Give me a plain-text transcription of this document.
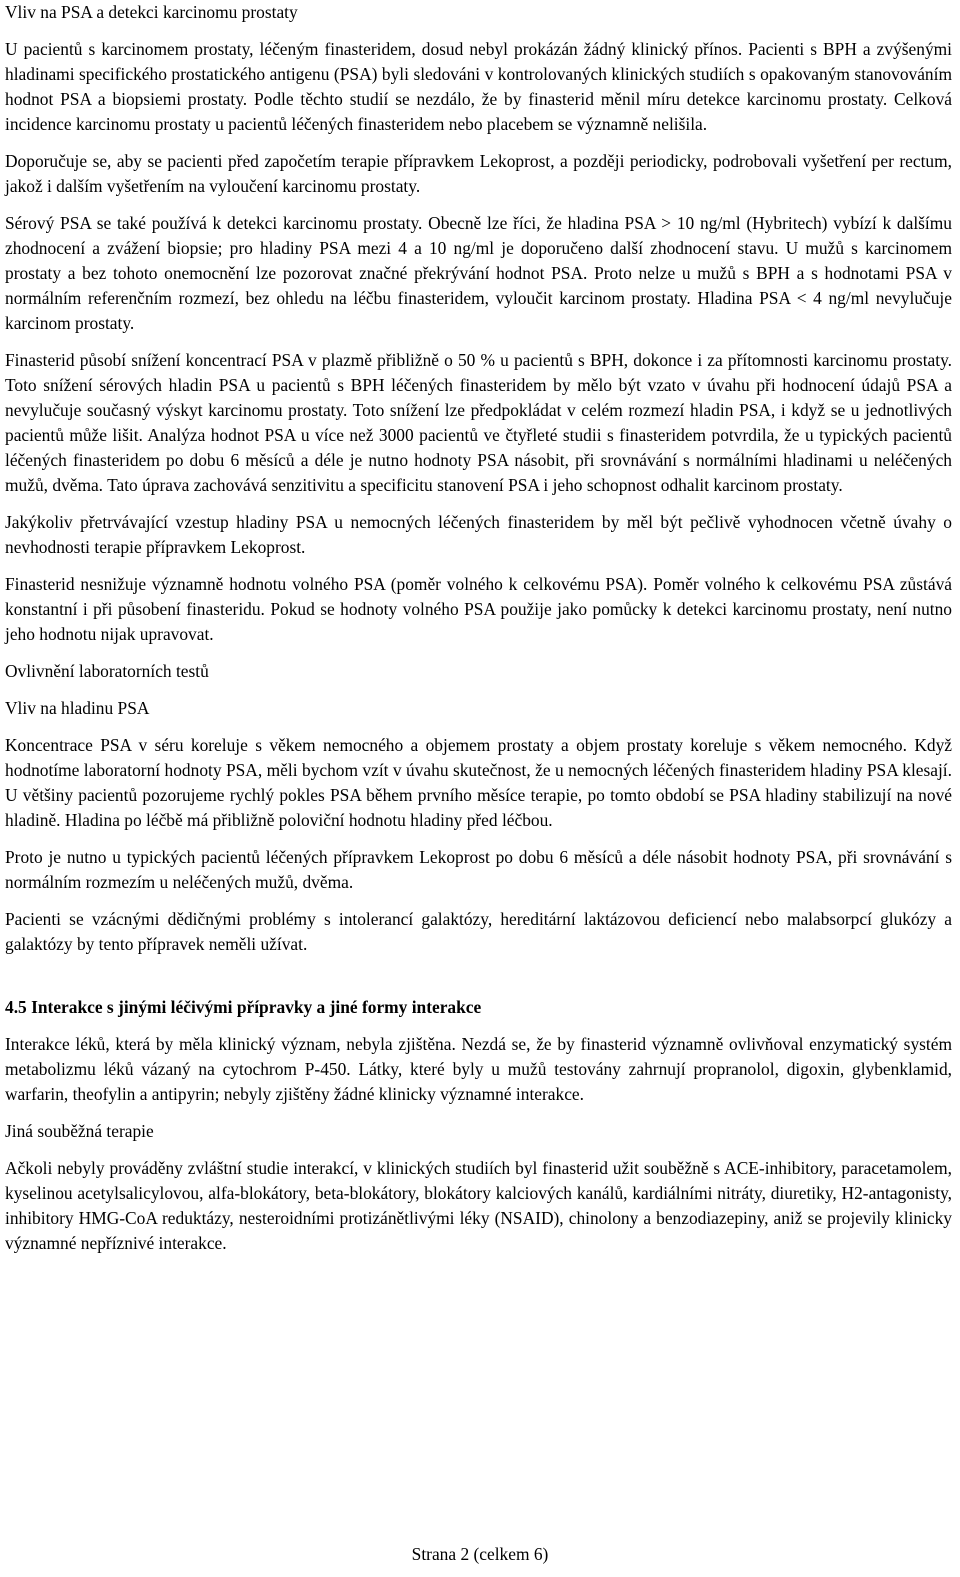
Vliv na PSA a detekci karcinomu prostaty
U pacientů s karcinomem prostaty, léčeným finasteridem, dosud nebyl prokázán žádný klinický přínos. Pacienti s BPH a zvýšenými hladinami specifického prostatického antigenu (PSA) byli sledováni v kontrolovaných klinických studiích s opakovaným stanovováním hodnot PSA a biopsiemi prostaty. Podle těchto studií se nezdálo, že by finasterid měnil míru detekce karcinomu prostaty. Celková incidence karcinomu prostaty u pacientů léčených finasteridem nebo placebem se významně nelišila.
Doporučuje se, aby se pacienti před započetím terapie přípravkem Lekoprost, a později periodicky, podrobovali vyšetření per rectum, jakož i dalším vyšetřením na vyloučení karcinomu prostaty.
Sérový PSA se také používá k detekci karcinomu prostaty. Obecně lze říci, že hladina PSA > 10 ng/ml (Hybritech) vybízí k dalšímu zhodnocení a zvážení biopsie; pro hladiny PSA mezi 4 a 10 ng/ml je doporučeno další zhodnocení stavu. U mužů s karcinomem prostaty a bez tohoto onemocnění lze pozorovat značné překrývání hodnot PSA. Proto nelze u mužů s BPH a s hodnotami PSA v normálním referenčním rozmezí, bez ohledu na léčbu finasteridem, vyloučit karcinom prostaty. Hladina PSA < 4 ng/ml nevylučuje karcinom prostaty.
Finasterid působí snížení koncentrací PSA v plazmě přibližně o 50 % u pacientů s BPH, dokonce i za přítomnosti karcinomu prostaty. Toto snížení sérových hladin PSA u pacientů s BPH léčených finasteridem by mělo být vzato v úvahu při hodnocení údajů PSA a nevylučuje současný výskyt karcinomu prostaty. Toto snížení lze předpokládat v celém rozmezí hladin PSA, i když se u jednotlivých pacientů může lišit. Analýza hodnot PSA u více než 3000 pacientů ve čtyřleté studii s finasteridem potvrdila, že u typických pacientů léčených finasteridem po dobu 6 měsíců a déle je nutno hodnoty PSA násobit, při srovnávání s normálními hladinami u neléčených mužů, dvěma. Tato úprava zachovává senzitivitu a specificitu stanovení PSA i jeho schopnost odhalit karcinom prostaty.
Jakýkoliv přetrvávající vzestup hladiny PSA u nemocných léčených finasteridem by měl být pečlivě vyhodnocen včetně úvahy o nevhodnosti terapie přípravkem Lekoprost.
Finasterid nesnižuje významně hodnotu volného PSA (poměr volného k celkovému PSA). Poměr volného k celkovému PSA zůstává konstantní i při působení finasteridu. Pokud se hodnoty volného PSA použije jako pomůcky k detekci karcinomu prostaty, není nutno jeho hodnotu nijak upravovat.
Ovlivnění laboratorních testů
Vliv na hladinu PSA
Koncentrace PSA v séru koreluje s věkem nemocného a objemem prostaty a objem prostaty koreluje s věkem nemocného. Když hodnotíme laboratorní hodnoty PSA, měli bychom vzít v úvahu skutečnost, že u nemocných léčených finasteridem hladiny PSA klesají. U většiny pacientů pozorujeme rychlý pokles PSA během prvního měsíce terapie, po tomto období se PSA hladiny stabilizují na nové hladině. Hladina po léčbě má přibližně poloviční hodnotu hladiny před léčbou.
Proto je nutno u typických pacientů léčených přípravkem Lekoprost po dobu 6 měsíců a déle násobit hodnoty PSA, při srovnávání s normálním rozmezím u neléčených mužů, dvěma.
Pacienti se vzácnými dědičnými problémy s intolerancí galaktózy, hereditární laktázovou deficiencí nebo malabsorpcí glukózy a galaktózy by tento přípravek neměli užívat.
4.5 Interakce s jinými léčivými přípravky a jiné formy interakce
Interakce léků, která by měla klinický význam, nebyla zjištěna. Nezdá se, že by finasterid významně ovlivňoval enzymatický systém metabolizmu léků vázaný na cytochrom P-450. Látky, které byly u mužů testovány zahrnují propranolol, digoxin, glybenklamid, warfarin, theofylin a antipyrin; nebyly zjištěny žádné klinicky významné interakce.
Jiná souběžná terapie
Ačkoli nebyly prováděny zvláštní studie interakcí, v klinických studiích byl finasterid užit souběžně s ACE-inhibitory, paracetamolem, kyselinou acetylsalicylovou, alfa-blokátory, beta-blokátory, blokátory kalciových kanálů, kardiálními nitráty, diuretiky, H2-antagonisty, inhibitory HMG-CoA reduktázy, nesteroidními protizánětlivými léky (NSAID), chinolony a benzodiazepiny, aniž se projevily klinicky významné nepříznivé interakce.
Strana 2 (celkem 6)
